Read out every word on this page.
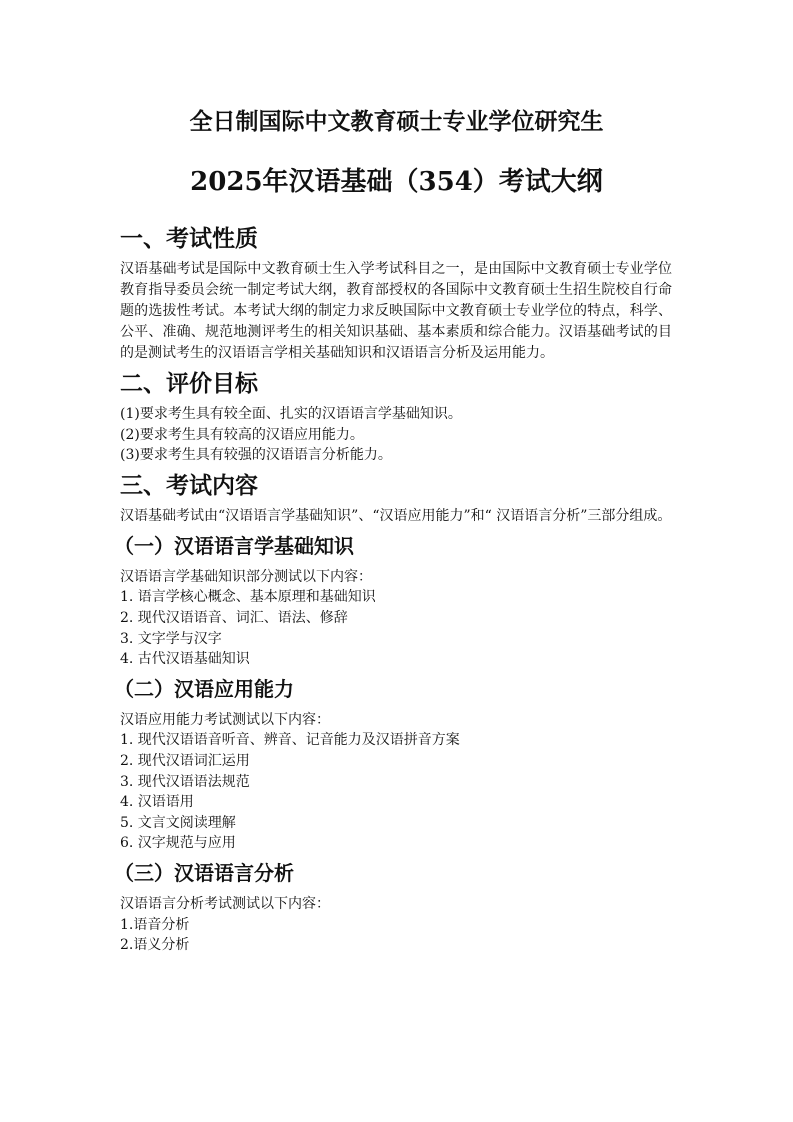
全日制国际中文教育硕士专业学位研究生
2025年汉语基础（354）考试大纲
一、考试性质

汉语基础考试是国际中文教育硕士生入学考试科目之一，是由国际中文教育硕士专业学位教育指导委员会统一制定考试大纲，教育部授权的各国际中文教育硕士生招生院校自行命题的选拔性考试。本考试大纲的制定力求反映国际中文教育硕士专业学位的特点，科学、公平、准确、规范地测评考生的相关知识基础、基本素质和综合能力。汉语基础考试的目的是测试考生的汉语语言学相关基础知识和汉语语言分析及运用能力。

二、评价目标
(1)要求考生具有较全面、扎实的汉语语言学基础知识。
(2)要求考生具有较高的汉语应用能力。
(3)要求考生具有较强的汉语语言分析能力。
三、考试内容

汉语基础考试由“汉语语言学基础知识”、“汉语应用能力”和“ 汉语语言分析”三部分组成。

（一）汉语语言学基础知识
汉语语言学基础知识部分测试以下内容：
1. 语言学核心概念、基本原理和基础知识
2. 现代汉语语音、词汇、语法、修辞
3. 文字学与汉字
4. 古代汉语基础知识
（二）汉语应用能力
汉语应用能力考试测试以下内容：
1. 现代汉语语音听音、辨音、记音能力及汉语拼音方案
2. 现代汉语词汇运用
3. 现代汉语语法规范
4. 汉语语用
5. 文言文阅读理解
6. 汉字规范与应用
（三）汉语语言分析
汉语语言分析考试测试以下内容：
1.语音分析
2.语义分析
